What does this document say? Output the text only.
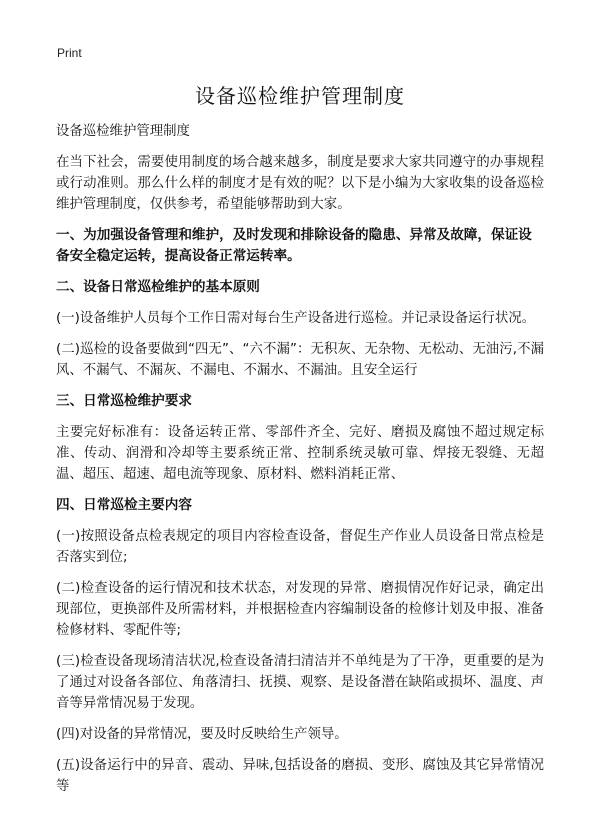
Print
设备巡检维护管理制度
设备巡检维护管理制度
在当下社会，需要使用制度的场合越来越多，制度是要求大家共同遵守的办事规程或行动准则。那么什么样的制度才是有效的呢？以下是小编为大家收集的设备巡检维护管理制度，仅供参考，希望能够帮助到大家。
一、为加强设备管理和维护，及时发现和排除设备的隐患、异常及故障，保证设备安全稳定运转，提高设备正常运转率。
二、设备日常巡检维护的基本原则
(一)设备维护人员每个工作日需对每台生产设备进行巡检。并记录设备运行状况。
(二)巡检的设备要做到“四无”、“六不漏”：无积灰、无杂物、无松动、无油污,不漏风、不漏气、不漏灰、不漏电、不漏水、不漏油。且安全运行
三、日常巡检维护要求
主要完好标准有：设备运转正常、零部件齐全、完好、磨损及腐蚀不超过规定标准、传动、润滑和冷却等主要系统正常、控制系统灵敏可靠、焊接无裂缝、无超温、超压、超速、超电流等现象、原材料、燃料消耗正常、
四、日常巡检主要内容
(一)按照设备点检表规定的项目内容检查设备，督促生产作业人员设备日常点检是否落实到位;
(二)检查设备的运行情况和技术状态，对发现的异常、磨损情况作好记录，确定出现部位，更换部件及所需材料，并根据检查内容编制设备的检修计划及申报、准备检修材料、零配件等;
(三)检查设备现场清洁状况,检查设备清扫清洁并不单纯是为了干净，更重要的是为了通过对设备各部位、角落清扫、抚摸、观察、是设备潜在缺陷或损坏、温度、声音等异常情况易于发现。
(四)对设备的异常情况，要及时反映给生产领导。
(五)设备运行中的异音、震动、异味,包括设备的磨损、变形、腐蚀及其它异常情况等
